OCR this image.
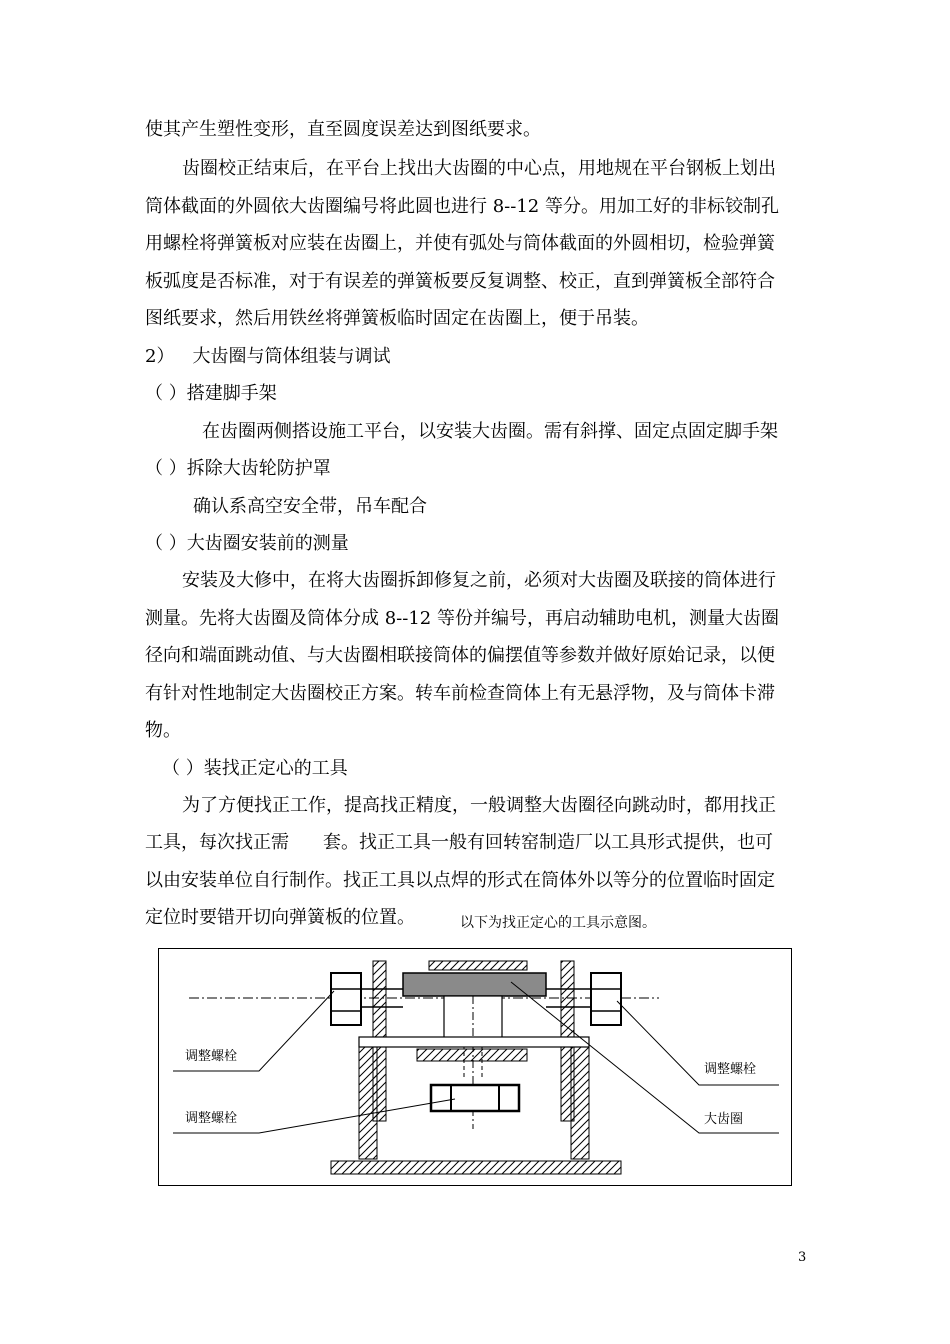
使其产生塑性变形，直至圆度误差达到图纸要求。
齿圈校正结束后，在平台上找出大齿圈的中心点，用地规在平台钢板上划出
筒体截面的外圆依大齿圈编号将此圆也进行 8--12 等分。用加工好的非标铰制孔
用螺栓将弹簧板对应装在齿圈上，并使有弧处与筒体截面的外圆相切，检验弹簧
板弧度是否标准，对于有误差的弹簧板要反复调整、校正，直到弹簧板全部符合
图纸要求，然后用铁丝将弹簧板临时固定在齿圈上，便于吊装。
2） 大齿圈与筒体组装与调试
（ ）搭建脚手架
在齿圈两侧搭设施工平台，以安装大齿圈。需有斜撑、固定点固定脚手架
（ ）拆除大齿轮防护罩
确认系高空安全带，吊车配合
（ ）大齿圈安装前的测量
安装及大修中，在将大齿圈拆卸修复之前，必须对大齿圈及联接的筒体进行
测量。先将大齿圈及筒体分成 8--12 等份并编号，再启动辅助电机，测量大齿圈
径向和端面跳动值、与大齿圈相联接筒体的偏摆值等参数并做好原始记录，以便
有针对性地制定大齿圈校正方案。转车前检查筒体上有无悬浮物，及与筒体卡滞
物。
（ ）装找正定心的工具
为了方便找正工作，提高找正精度，一般调整大齿圈径向跳动时，都用找正
工具，每次找正需 套。找正工具一般有回转窑制造厂以工具形式提供，也可
以由安装单位自行制作。找正工具以点焊的形式在筒体外以等分的位置临时固定
定位时要错开切向弹簧板的位置。	以下为找正定心的工具示意图。
调整螺栓
调整螺栓
调整螺栓
大齿圈
3
